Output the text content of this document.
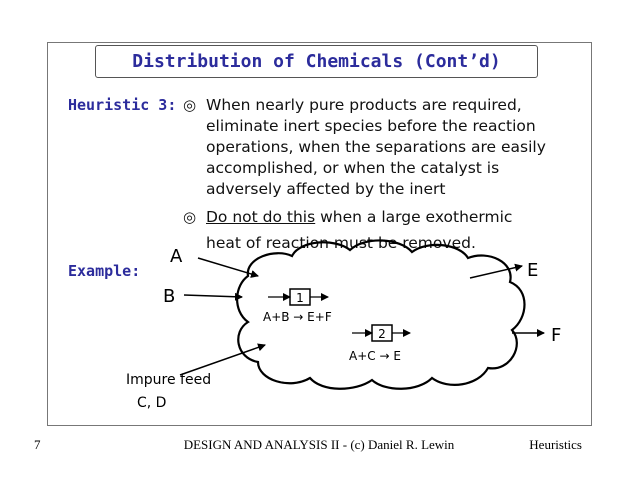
Distribution of Chemicals (Cont’d)
Heuristic 3: ◎ When nearly pure products are required,
eliminate inert species before the reaction
operations, when the separations are easily
accomplished, or when the catalyst is
adversely affected by the inert
◎ Do not do this when a large exothermic
heat of reaction must be removed.
Example:
1
A+B → E+F
2
A+C → E
A
B
E
F
Impure feed
C, D
7	DESIGN AND ANALYSIS II - (c) Daniel R. Lewin	Heuristics
